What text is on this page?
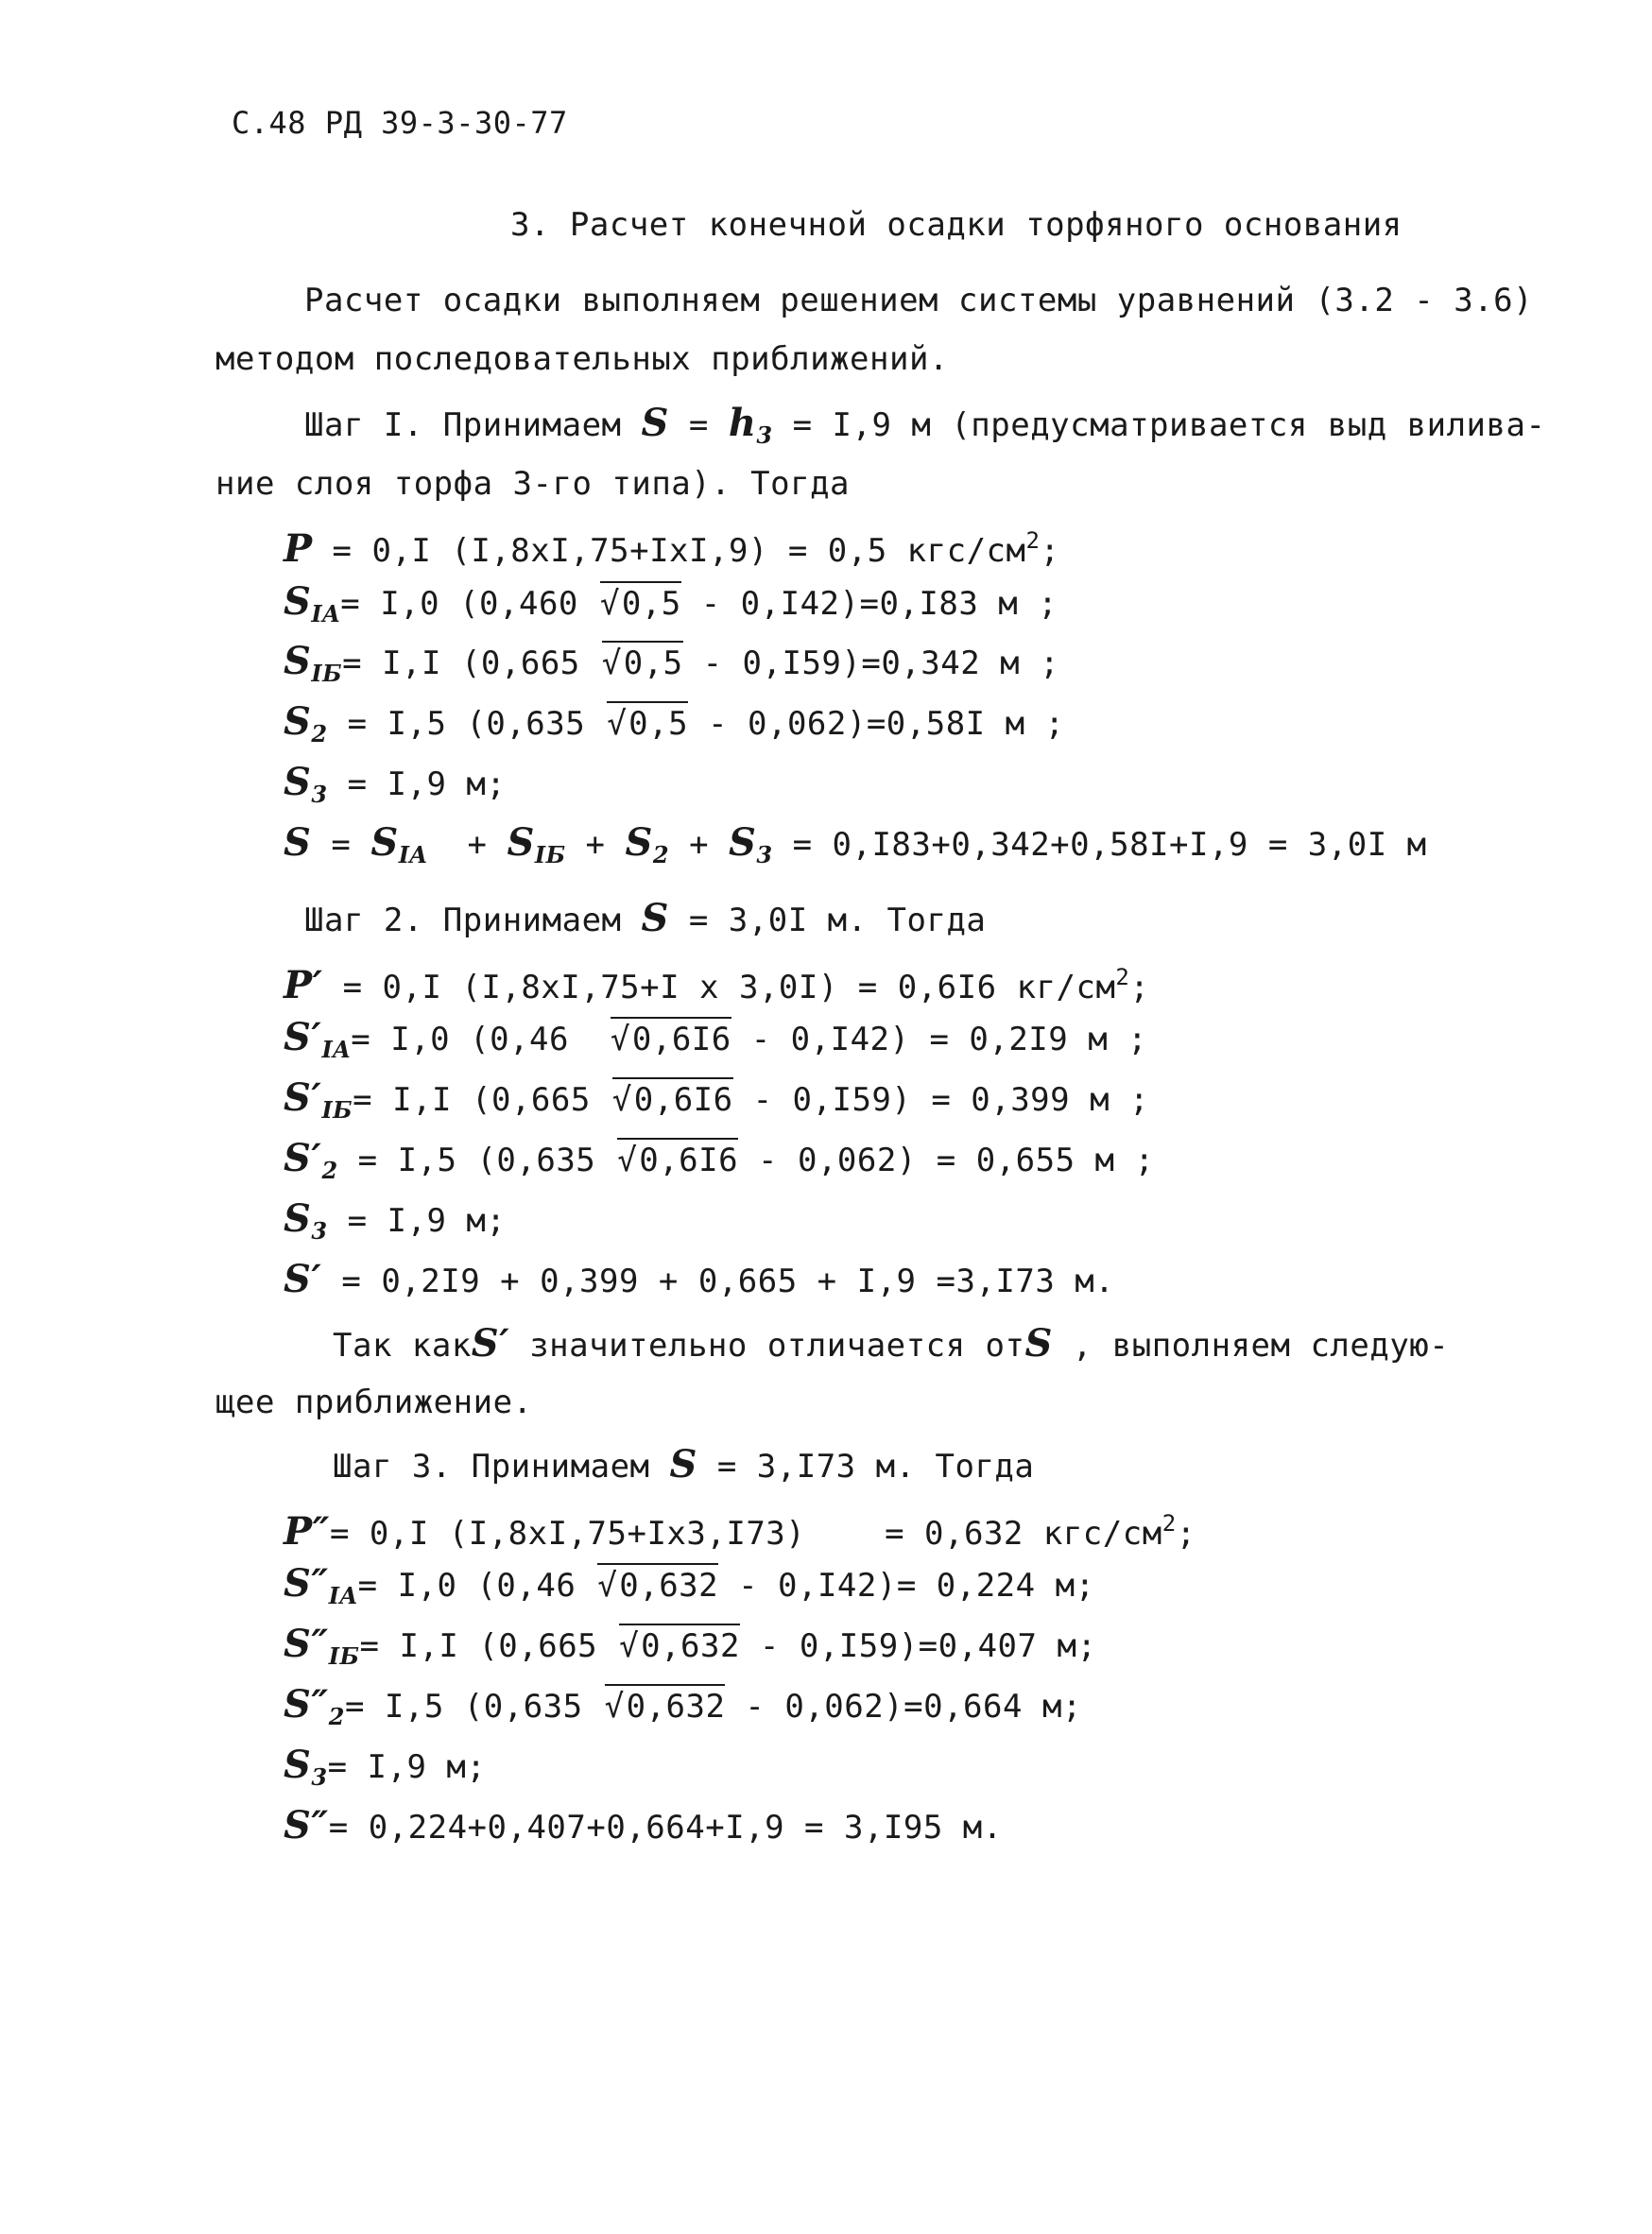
С.48 РД 39-3-30-77
3. Расчет конечной осадки торфяного основания
Расчет осадки выполняем решением системы уравнений (3.2 - 3.6)
методом последовательных приближений.
Шаг I. Принимаем $S = h_3 = I,9$ м (предусматривается выд вилива-
ние слоя торфа 3-го типа). Тогда
P = 0,I (I,8xI,75+IxI,9) = 0,5 кгс/$см^2$;
$S_{IA}= I,0$ (0,460 √ 0,5 - 0,I42)=0,I83 м ;
$S_{IБ}= I,I$ (0,665 √ 0,5 - 0,I59)=0,342 м ;
$S_2 = I,5$ (0,635 √ 0,5 - 0,062)=0,58I м ;
$S_3 = I,9$ м;
$S = S_{IA} + S_{IБ} + S_2 + S_3 = 0,I83+0,342+0,58I+I,9 = 3,0I$ м
Шаг 2. Принимаем S = 3,0I м. Тогда
P′ = 0,I (I,8xI,75+I x 3,0I) = 0,6I6 $кг/см^2$;
$S'_{IA}= I,0$ (0,46  √ 0,6I6 - 0,I42) = 0,2I9 м ;
$S'_{IБ}= I,I$ (0,665 √ 0,6I6 - 0,I59) = 0,399 м ;
$S'_2 = I,5$ (0,635 √ 0,6I6 - 0,062) = 0,655 м ;
$S_3 = I,9$ м;
S′ = 0,2I9 + 0,399 + 0,665 + I,9 =3,I73 м.
Так какS′ значительно отличается отS , выполняем следую-
щее приближение.
Шаг 3. Принимаем S = 3,I73 м. Тогда
P″= 0,I (I,8xI,75+Ix3,I73)    = 0,632 кгс/$см^2$;
$S''_{IA}= I,0$ (0,46 √ 0,632 - 0,I42)= 0,224 м;
$S''_{IБ}= I,I$ (0,665 √ 0,632 - 0,I59)=0,407 м;
$S''_2= I,5$ (0,635 √ 0,632 - 0,062)=0,664 м;
$S_3= I,9$ м;
S″= 0,224+0,407+0,664+I,9 = 3,I95 м.
